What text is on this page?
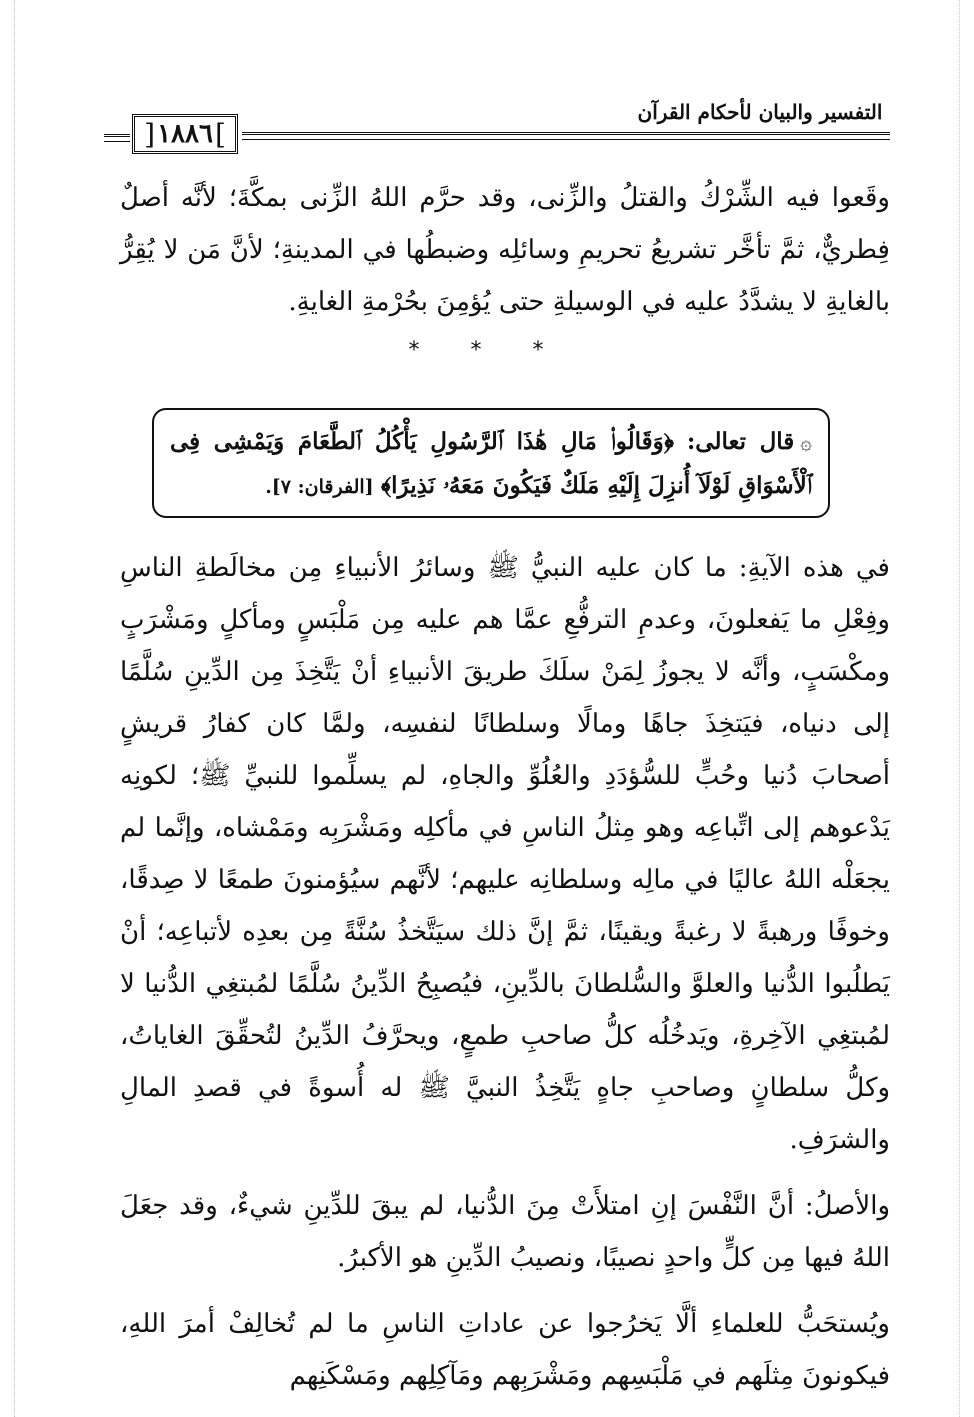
التفسير والبيان لأحكام القرآن
]
١٨٨٦
[

وقَعوا فيه الشِّرْكُ والقتلُ والزِّنى، وقد حرَّم اللهُ الزِّنى بمكَّةَ؛ لأنَّه أصلٌ فِطريٌّ، ثمَّ تأخَّر تشريعُ تحريمِ وسائلِه وضبطُها في المدينةِ؛ لأنَّ مَن لا يُقِرُّ بالغايةِ لا يشدَّدُ عليه في الوسيلةِ حتى يُؤمِنَ بحُرْمةِ الغايةِ.

* * *
۞قال تعالى: ﴿وَقَالُوا۟ مَالِ هَٰذَا ٱلرَّسُولِ يَأْكُلُ ٱلطَّعَامَ وَيَمْشِى فِى ٱلْأَسْوَاقِ لَوْلَآ أُنزِلَ إِلَيْهِ مَلَكٌ فَيَكُونَ مَعَهُۥ نَذِيرًا﴾ [الفرقان: ٧].

في هذه الآيةِ: ما كان عليه النبيُّ ﷺ وسائرُ الأنبياءِ مِن مخالَطةِ الناسِ وفِعْلِ ما يَفعلونَ، وعدمِ الترفُّعِ عمَّا هم عليه مِن مَلْبَسٍ ومأكلٍ ومَشْرَبٍ ومكْسَبٍ، وأنَّه لا يجوزُ لِمَنْ سلَكَ طريقَ الأنبياءِ أنْ يَتَّخِذَ مِن الدِّينِ سُلَّمًا إلى دنياه، فيَتخِذَ جاهًا ومالًا وسلطانًا لنفسِه، ولمَّا كان كفارُ قريشٍ أصحابَ دُنيا وحُبٍّ للسُّؤدَدِ والعُلُوِّ والجاهِ، لم يسلِّموا للنبيِّ ﷺ؛ لكونِه يَدْعوهم إلى اتِّباعِه وهو مِثلُ الناسِ في مأكلِه ومَشْرَبِه ومَمْشاه، وإنَّما لم يجعَلْه اللهُ عاليًا في مالِه وسلطانِه عليهم؛ لأنَّهم سيُؤمنونَ طمعًا لا صِدقًا، وخوفًا ورهبةً لا رغبةً ويقينًا، ثمَّ إنَّ ذلك سيَتَّخذُ سُنَّةً مِن بعدِه لأتباعِه؛ أنْ يَطلُبوا الدُّنيا والعلوَّ والسُّلطانَ بالدِّينِ، فيُصبِحُ الدِّينُ سُلَّمًا لمُبتغِي الدُّنيا لا لمُبتغِي الآخِرةِ، ويَدخُلُه كلُّ صاحبِ طمعٍ، ويحرَّفُ الدِّينُ لتُحقِّقَ الغاياتُ، وكلُّ سلطانٍ وصاحبِ جاهٍ يَتَّخِذُ النبيَّ ﷺ له أُسوةً في قصدِ المالِ والشرَفِ.

والأصلُ: أنَّ النَّفْسَ إنِ امتلأَتْ مِنَ الدُّنيا، لم يبقَ للدِّينِ شيءٌ، وقد جعَلَ اللهُ فيها مِن كلٍّ واحدٍ نصيبًا، ونصيبُ الدِّينِ هو الأكبرُ.

ويُستحَبُّ للعلماءِ ألَّا يَخرُجوا عن عاداتِ الناسِ ما لم تُخالِفْ أمرَ اللهِ، فيكونونَ مِثلَهم في مَلْبَسِهم ومَشْرَبِهم ومَآكِلِهم ومَسْكَنِهم
